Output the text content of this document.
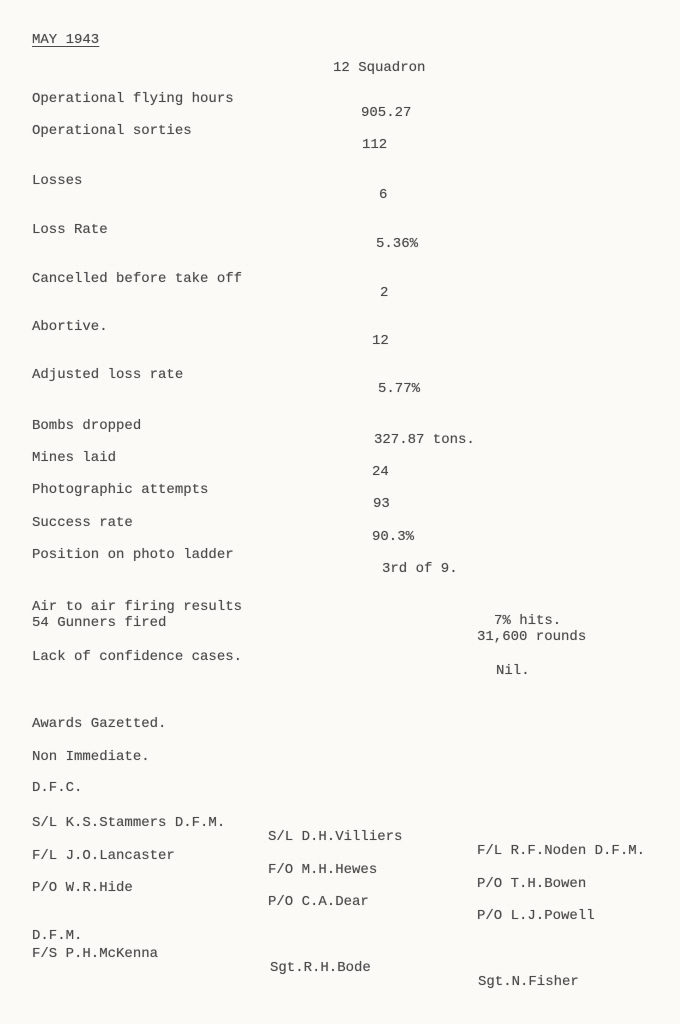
MAY 1943

12 Squadron

Operational flying hours

905.27

Operational sorties

112

Losses

6

Loss Rate

5.36%

Cancelled before take off

2

Abortive.

12

Adjusted loss rate

5.77%

Bombs dropped

327.87 tons.

Mines laid

24

Photographic attempts

93

Success rate

90.3%

Position on photo ladder

3rd of 9.

Air to air firing results

7% hits.

54 Gunners fired

31,600 rounds

Lack of confidence cases.

Nil.

Awards Gazetted.

Non Immediate.

D.F.C.

S/L K.S.Stammers D.F.M.

S/L D.H.Villiers

F/L R.F.Noden D.F.M.

F/L J.O.Lancaster

F/O M.H.Hewes

P/O T.H.Bowen

P/O W.R.Hide

P/O C.A.Dear

P/O L.J.Powell

D.F.M.

F/S P.H.McKenna

Sgt.R.H.Bode

Sgt.N.Fisher
